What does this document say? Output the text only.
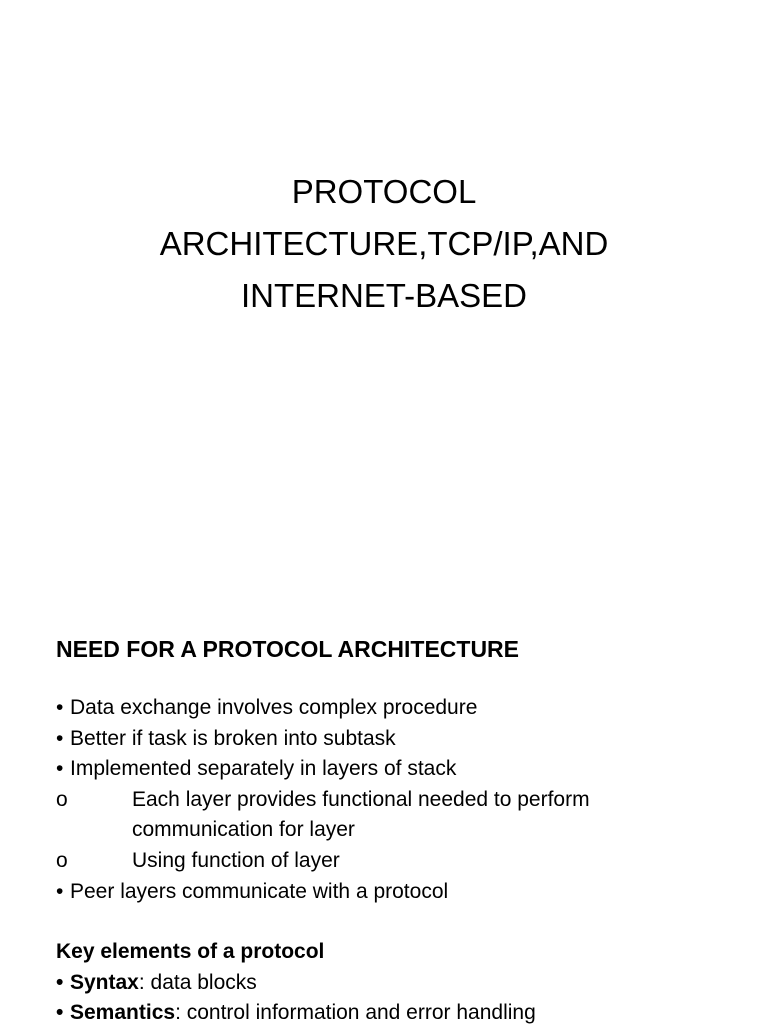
PROTOCOL
ARCHITECTURE,TCP/IP,AND
INTERNET-BASED
NEED FOR A PROTOCOL ARCHITECTURE
• Data exchange involves complex procedure
• Better if task is broken into subtask
• Implemented separately in layers of stack
o	Each layer provides functional needed to perform communication for layer
o	Using function of layer
• Peer layers communicate with a protocol
Key elements of a protocol
• Syntax: data blocks
• Semantics: control information and error handling
